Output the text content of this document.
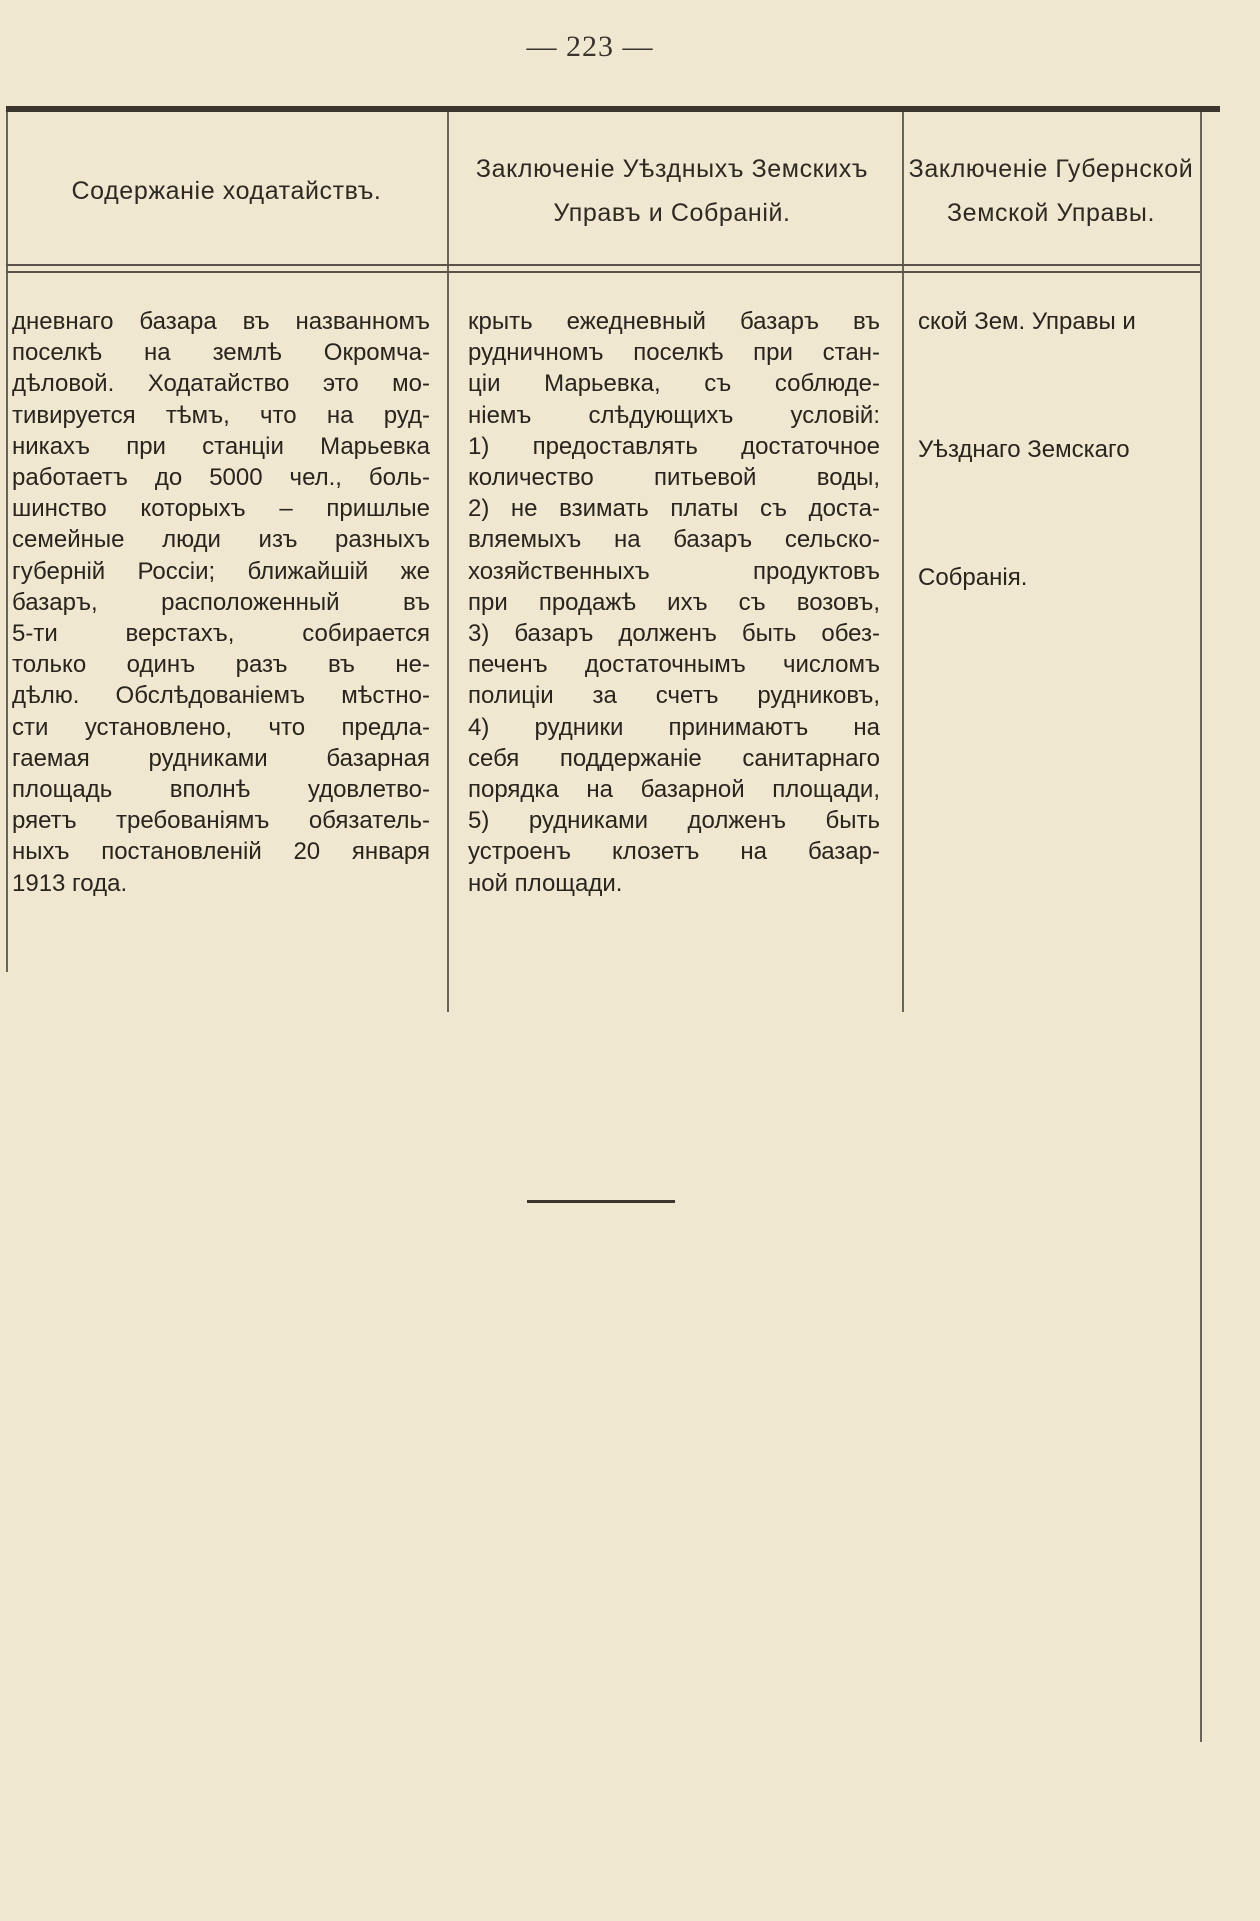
— 223 —
Содержаніе ходатайствъ.
Заключеніе Уѣздныхъ Земскихъ Управъ и Собраній.
Заключеніе Губернской Земской Управы.
дневнаго базара въ названномъ
поселкѣ на землѣ Окромча-
дѣловой. Ходатайство это мо-
тивируется тѣмъ, что на руд-
никахъ при станціи Марьевка
работаетъ до 5000 чел., боль-
шинство которыхъ – пришлые
семейные люди изъ разныхъ
губерній Россіи; ближайшій же
базаръ, расположенный въ
5-ти верстахъ, собирается
только одинъ разъ въ не-
дѣлю. Обслѣдованіемъ мѣстно-
сти установлено, что предла-
гаемая рудниками базарная
площадь вполнѣ удовлетво-
ряетъ требованіямъ обязатель-
ныхъ постановленій 20 января
1913 года.
крыть ежедневный базаръ въ
рудничномъ поселкѣ при стан-
ціи Марьевка, съ соблюде-
ніемъ слѣдующихъ условій:
1) предоставлять достаточное
количество питьевой воды,
2) не взимать платы съ доста-
вляемыхъ на базаръ сельско-
хозяйственныхъ продуктовъ
при продажѣ ихъ съ возовъ,
3) базаръ долженъ быть обез-
печенъ достаточнымъ числомъ
полиціи за счетъ рудниковъ,
4) рудники принимаютъ на
себя поддержаніе санитарнаго
порядка на базарной площади,
5) рудниками долженъ быть
устроенъ клозетъ на базар-
ной площади.
ской Зем. Управы и
Уѣзднаго Земскаго
Собранія.
